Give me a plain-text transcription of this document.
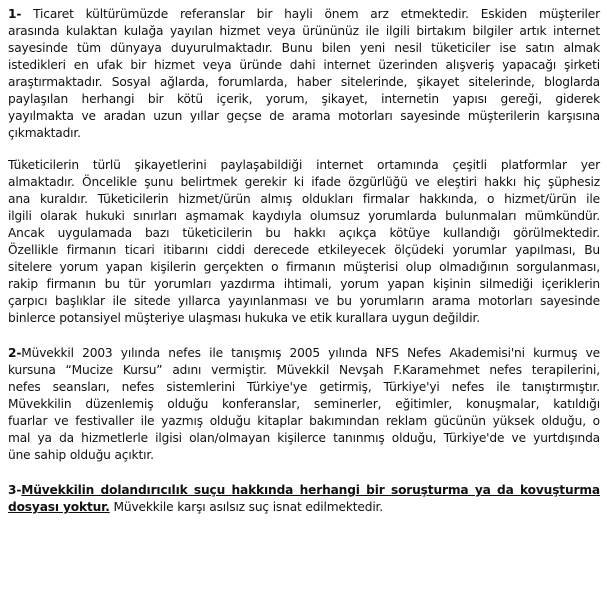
1- Ticaret kültürümüzde referanslar bir hayli önem arz etmektedir. Eskiden müşteriler
arasında kulaktan kulağa yayılan hizmet veya ürününüz ile ilgili birtakım bilgiler artık internet
sayesinde tüm dünyaya duyurulmaktadır. Bunu bilen yeni nesil tüketiciler ise satın almak
istedikleri en ufak bir hizmet veya üründe dahi internet üzerinden alışveriş yapacağı şirketi
araştırmaktadır. Sosyal ağlarda, forumlarda, haber sitelerinde, şikayet sitelerinde, bloglarda
paylaşılan herhangi bir kötü içerik, yorum, şikayet, internetin yapısı gereği, giderek
yayılmakta ve aradan uzun yıllar geçse de arama motorları sayesinde müşterilerin karşısına
çıkmaktadır.
Tüketicilerin türlü şikayetlerini paylaşabildiği internet ortamında çeşitli platformlar yer
almaktadır. Öncelikle şunu belirtmek gerekir ki ifade özgürlüğü ve eleştiri hakkı hiç şüphesiz
ana kuraldır. Tüketicilerin hizmet/ürün almış oldukları firmalar hakkında, o hizmet/ürün ile
ilgili olarak hukuki sınırları aşmamak kaydıyla olumsuz yorumlarda bulunmaları mümkündür.
Ancak uygulamada bazı tüketicilerin bu hakkı açıkça kötüye kullandığı görülmektedir.
Özellikle firmanın ticari itibarını ciddi derecede etkileyecek ölçüdeki yorumlar yapılması, Bu
sitelere yorum yapan kişilerin gerçekten o firmanın müşterisi olup olmadığının sorgulanması,
rakip firmanın bu tür yorumları yazdırma ihtimali, yorum yapan kişinin silmediği içeriklerin
çarpıcı başlıklar ile sitede yıllarca yayınlanması ve bu yorumların arama motorları sayesinde
binlerce potansiyel müşteriye ulaşması hukuka ve etik kurallara uygun değildir.
2-Müvekkil 2003 yılında nefes ile tanışmış 2005 yılında NFS Nefes Akademisi'ni kurmuş ve
kursuna “Mucize Kursu” adını vermiştir. Müvekkil Nevşah F.Karamehmet nefes terapilerini,
nefes seansları, nefes sistemlerini Türkiye'ye getirmiş, Türkiye'yi nefes ile tanıştırmıştır.
Müvekkilin düzenlemiş olduğu konferanslar, seminerler, eğitimler, konuşmalar, katıldığı
fuarlar ve festivaller ile yazmış olduğu kitaplar bakımından reklam gücünün yüksek olduğu, o
mal ya da hizmetlerle ilgisi olan/olmayan kişilerce tanınmış olduğu, Türkiye'de ve yurtdışında
üne sahip olduğu açıktır.
3-Müvekkilin dolandırıcılık suçu hakkında herhangi bir soruşturma ya da kovuşturma
dosyası yoktur. Müvekkile karşı asılsız suç isnat edilmektedir.
